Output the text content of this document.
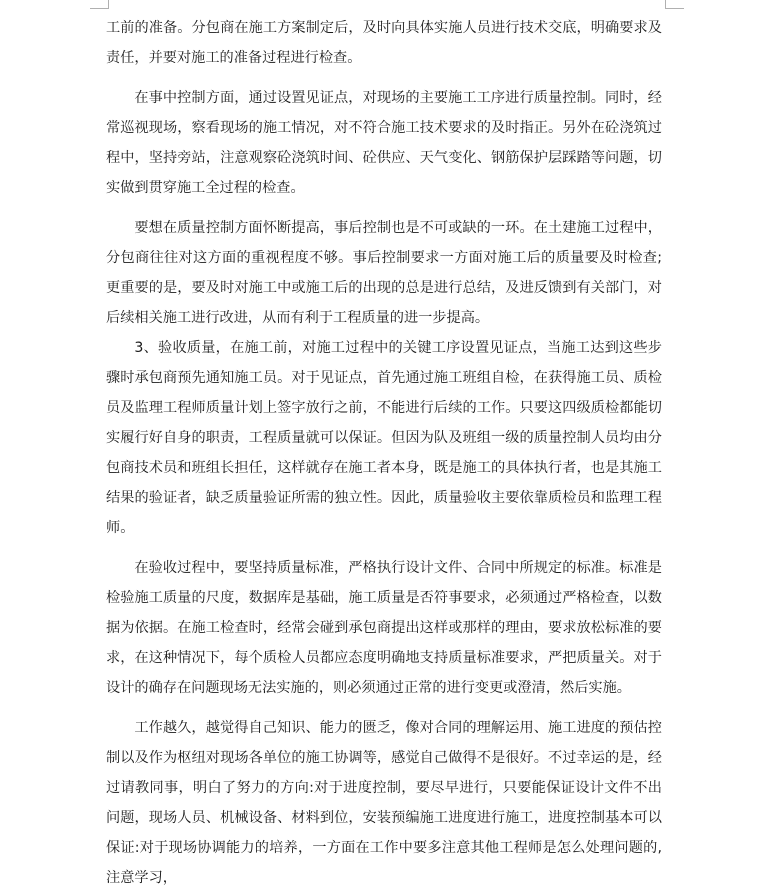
工前的准备。分包商在施工方案制定后，及时向具体实施人员进行技术交底，明确要求及责任，并要对施工的准备过程进行检查。

在事中控制方面，通过设置见证点，对现场的主要施工工序进行质量控制。同时，经常巡视现场，察看现场的施工情况，对不符合施工技术要求的及时指正。另外在砼浇筑过程中，坚持旁站，注意观察砼浇筑时间、砼供应、天气变化、钢筋保护层踩踏等问题，切实做到贯穿施工全过程的检查。

要想在质量控制方面怀断提高，事后控制也是不可或缺的一环。在土建施工过程中，分包商往往对这方面的重视程度不够。事后控制要求一方面对施工后的质量要及时检查;更重要的是，要及时对施工中或施工后的出现的总是进行总结，及进反馈到有关部门，对后续相关施工进行改进，从而有利于工程质量的进一步提高。

3、验收质量，在施工前，对施工过程中的关键工序设置见证点，当施工达到这些步骤时承包商预先通知施工员。对于见证点，首先通过施工班组自检，在获得施工员、质检员及监理工程师质量计划上签字放行之前，不能进行后续的工作。只要这四级质检都能切实履行好自身的职责，工程质量就可以保证。但因为队及班组一级的质量控制人员均由分包商技术员和班组长担任，这样就存在施工者本身，既是施工的具体执行者，也是其施工结果的验证者，缺乏质量验证所需的独立性。因此，质量验收主要依靠质检员和监理工程师。

在验收过程中，要坚持质量标准，严格执行设计文件、合同中所规定的标准。标准是检验施工质量的尺度，数据库是基础，施工质量是否符事要求，必须通过严格检查，以数据为依据。在施工检查时，经常会碰到承包商提出这样或那样的理由，要求放松标准的要求，在这种情况下，每个质检人员都应态度明确地支持质量标准要求，严把质量关。对于设计的确存在问题现场无法实施的，则必须通过正常的进行变更或澄清，然后实施。

工作越久，越觉得自己知识、能力的匮乏，像对合同的理解运用、施工进度的预估控制以及作为枢纽对现场各单位的施工协调等，感觉自己做得不是很好。不过幸运的是，经过请教同事，明白了努力的方向:对于进度控制，要尽早进行，只要能保证设计文件不出问题，现场人员、机械设备、材料到位，安装预编施工进度进行施工，进度控制基本可以保证:对于现场协调能力的培养，一方面在工作中要多注意其他工程师是怎么处理问题的,注意学习，
